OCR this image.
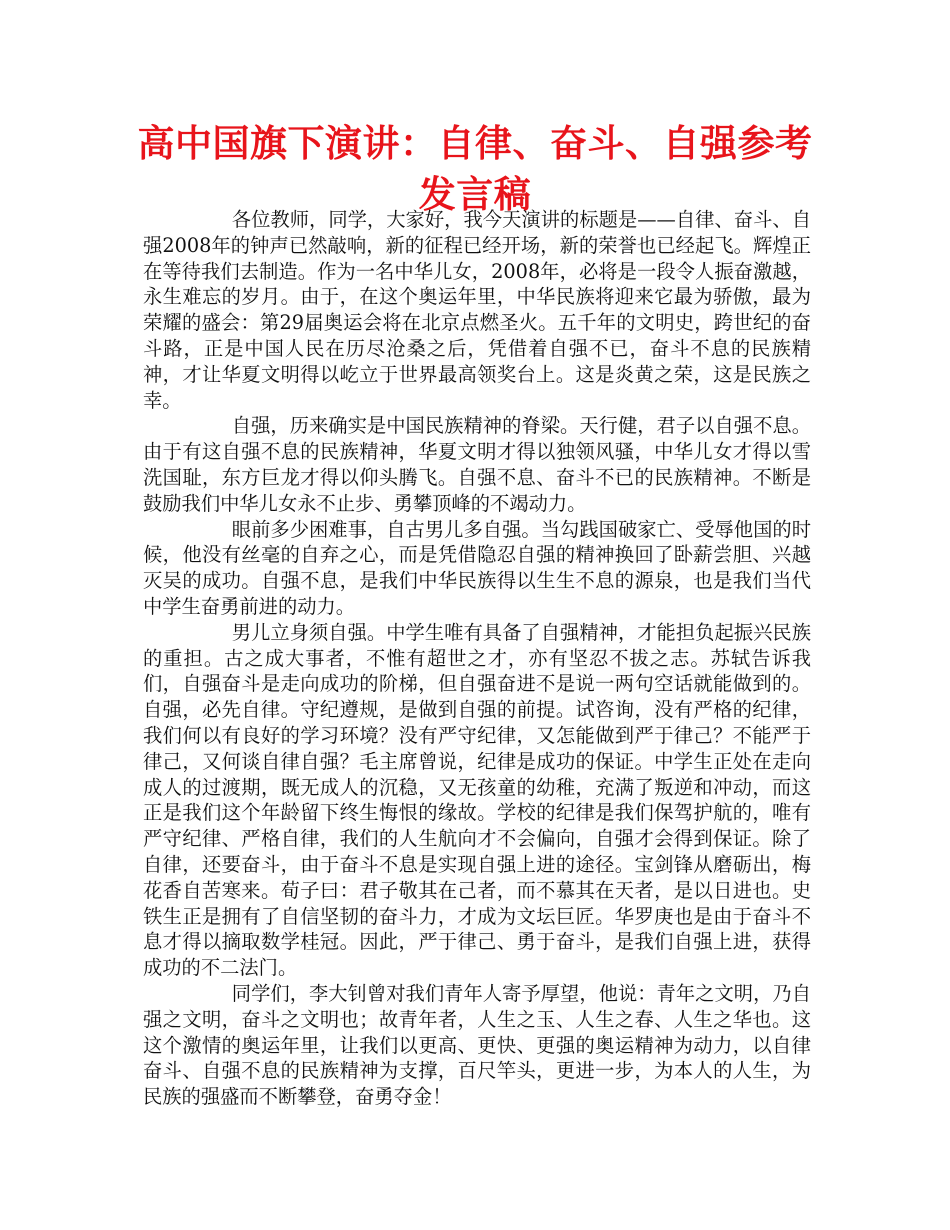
高中国旗下演讲：自律、奋斗、自强参考发言稿

各位教师，同学，大家好，我今天演讲的标题是——自律、奋斗、自强2008年的钟声已然敲响，新的征程已经开场，新的荣誉也已经起飞。辉煌正在等待我们去制造。作为一名中华儿女，2008年，必将是一段令人振奋激越，永生难忘的岁月。由于，在这个奥运年里，中华民族将迎来它最为骄傲，最为荣耀的盛会：第29届奥运会将在北京点燃圣火。五千年的文明史，跨世纪的奋斗路，正是中国人民在历尽沧桑之后，凭借着自强不已，奋斗不息的民族精神，才让华夏文明得以屹立于世界最高领奖台上。这是炎黄之荣，这是民族之幸。

自强，历来确实是中国民族精神的脊梁。天行健，君子以自强不息。由于有这自强不息的民族精神，华夏文明才得以独领风骚，中华儿女才得以雪洗国耻，东方巨龙才得以仰头腾飞。自强不息、奋斗不已的民族精神。不断是鼓励我们中华儿女永不止步、勇攀顶峰的不竭动力。

眼前多少困难事，自古男儿多自强。当勾践国破家亡、受辱他国的时候，他没有丝毫的自弃之心，而是凭借隐忍自强的精神换回了卧薪尝胆、兴越灭吴的成功。自强不息，是我们中华民族得以生生不息的源泉，也是我们当代中学生奋勇前进的动力。

男儿立身须自强。中学生唯有具备了自强精神，才能担负起振兴民族的重担。古之成大事者，不惟有超世之才，亦有坚忍不拔之志。苏轼告诉我们，自强奋斗是走向成功的阶梯，但自强奋进不是说一两句空话就能做到的。自强，必先自律。守纪遵规，是做到自强的前提。试咨询，没有严格的纪律，我们何以有良好的学习环境？没有严守纪律，又怎能做到严于律己？不能严于律己，又何谈自律自强？毛主席曾说，纪律是成功的保证。中学生正处在走向成人的过渡期，既无成人的沉稳，又无孩童的幼稚，充满了叛逆和冲动，而这正是我们这个年龄留下终生悔恨的缘故。学校的纪律是我们保驾护航的，唯有严守纪律、严格自律，我们的人生航向才不会偏向，自强才会得到保证。除了自律，还要奋斗，由于奋斗不息是实现自强上进的途径。宝剑锋从磨砺出，梅花香自苦寒来。荀子曰：君子敬其在己者，而不慕其在天者，是以日进也。史铁生正是拥有了自信坚韧的奋斗力，才成为文坛巨匠。华罗庚也是由于奋斗不息才得以摘取数学桂冠。因此，严于律己、勇于奋斗，是我们自强上进，获得成功的不二法门。

同学们，李大钊曾对我们青年人寄予厚望，他说：青年之文明，乃自强之文明，奋斗之文明也；故青年者，人生之玉、人生之春、人生之华也。这这个激情的奥运年里，让我们以更高、更快、更强的奥运精神为动力，以自律奋斗、自强不息的民族精神为支撑，百尺竿头，更进一步，为本人的人生，为民族的强盛而不断攀登，奋勇夺金！
